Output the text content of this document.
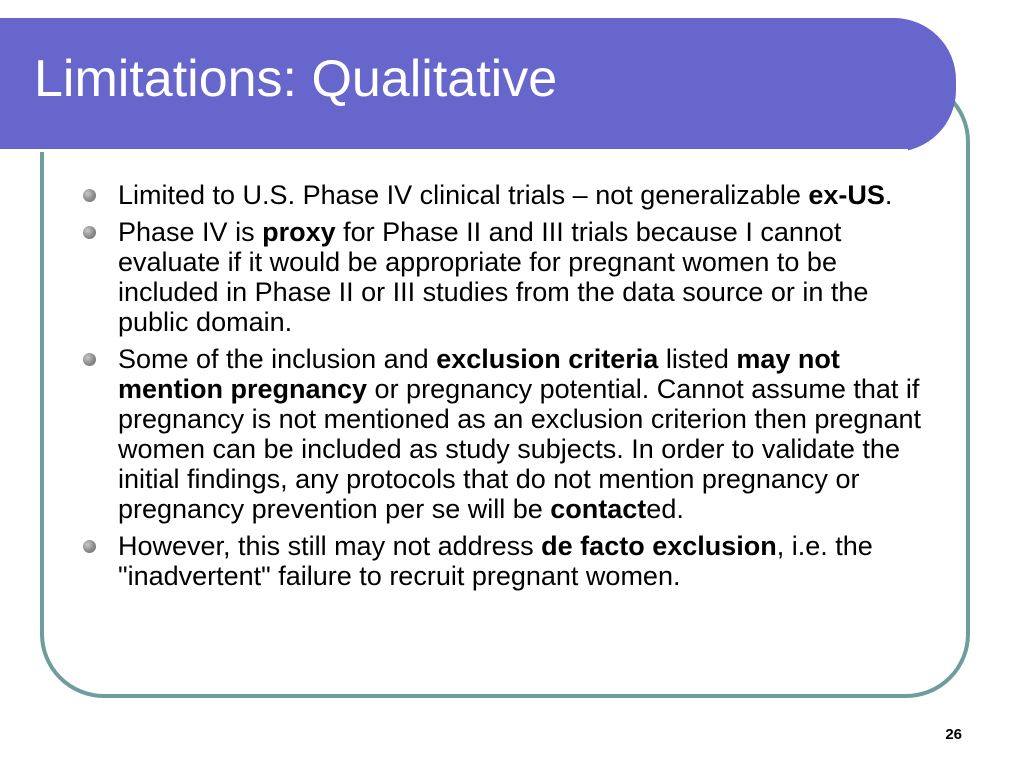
Limitations: Qualitative
Limited to U.S. Phase IV clinical trials – not generalizable ex-US.
Phase IV is proxy for Phase II and III trials because I cannot evaluate if it would be appropriate for pregnant women to be included in Phase II or III studies from the data source or in the public domain.
Some of the inclusion and exclusion criteria listed may not mention pregnancy or pregnancy potential. Cannot assume that if pregnancy is not mentioned as an exclusion criterion then pregnant women can be included as study subjects. In order to validate the initial findings, any protocols that do not mention pregnancy or pregnancy prevention per se will be contacted.
However, this still may not address de facto exclusion, i.e. the "inadvertent" failure to recruit pregnant women.
26
